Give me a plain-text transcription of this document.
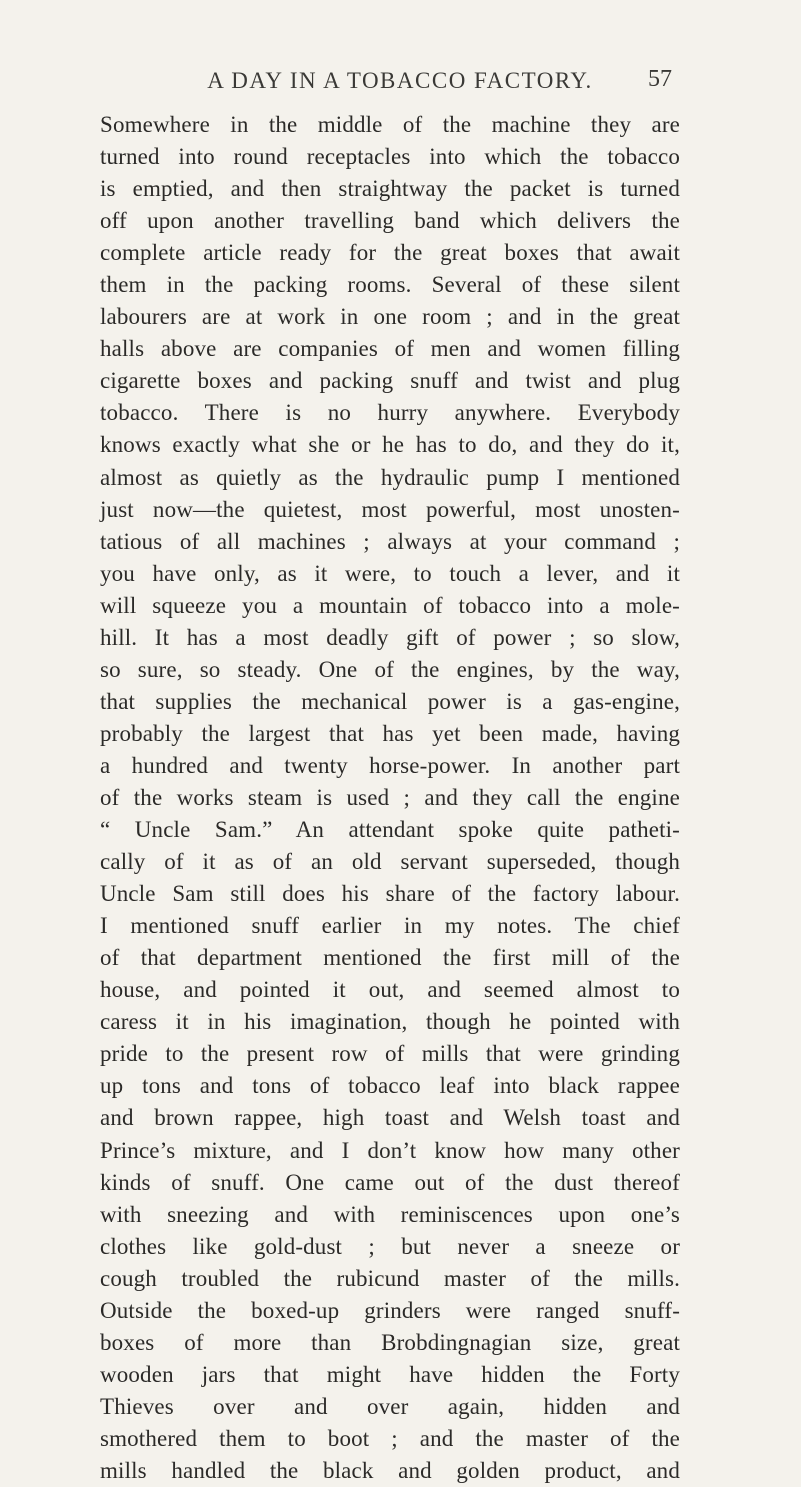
A DAY IN A TOBACCO FACTORY.	57
Somewhere in the middle of the machine they are
turned into round receptacles into which the tobacco
is emptied, and then straightway the packet is turned
off upon another travelling band which delivers the
complete article ready for the great boxes that await
them in the packing rooms. Several of these silent
labourers are at work in one room ; and in the great
halls above are companies of men and women filling
cigarette boxes and packing snuff and twist and plug
tobacco. There is no hurry anywhere. Everybody
knows exactly what she or he has to do, and they do it,
almost as quietly as the hydraulic pump I mentioned
just now—the quietest, most powerful, most unosten-
tatious of all machines ; always at your command ;
you have only, as it were, to touch a lever, and it
will squeeze you a mountain of tobacco into a mole-
hill. It has a most deadly gift of power ; so slow,
so sure, so steady. One of the engines, by the way,
that supplies the mechanical power is a gas-engine,
probably the largest that has yet been made, having
a hundred and twenty horse-power. In another part
of the works steam is used ; and they call the engine
“ Uncle Sam.” An attendant spoke quite patheti-
cally of it as of an old servant superseded, though
Uncle Sam still does his share of the factory labour.
I mentioned snuff earlier in my notes. The chief
of that department mentioned the first mill of the
house, and pointed it out, and seemed almost to
caress it in his imagination, though he pointed with
pride to the present row of mills that were grinding
up tons and tons of tobacco leaf into black rappee
and brown rappee, high toast and Welsh toast and
Prince’s mixture, and I don’t know how many other
kinds of snuff. One came out of the dust thereof
with sneezing and with reminiscences upon one’s
clothes like gold-dust ; but never a sneeze or
cough troubled the rubicund master of the mills.
Outside the boxed-up grinders were ranged snuff-
boxes of more than Brobdingnagian size, great
wooden jars that might have hidden the Forty
Thieves over and over again, hidden and
smothered them to boot ; and the master of the
mills handled the black and golden product, and
